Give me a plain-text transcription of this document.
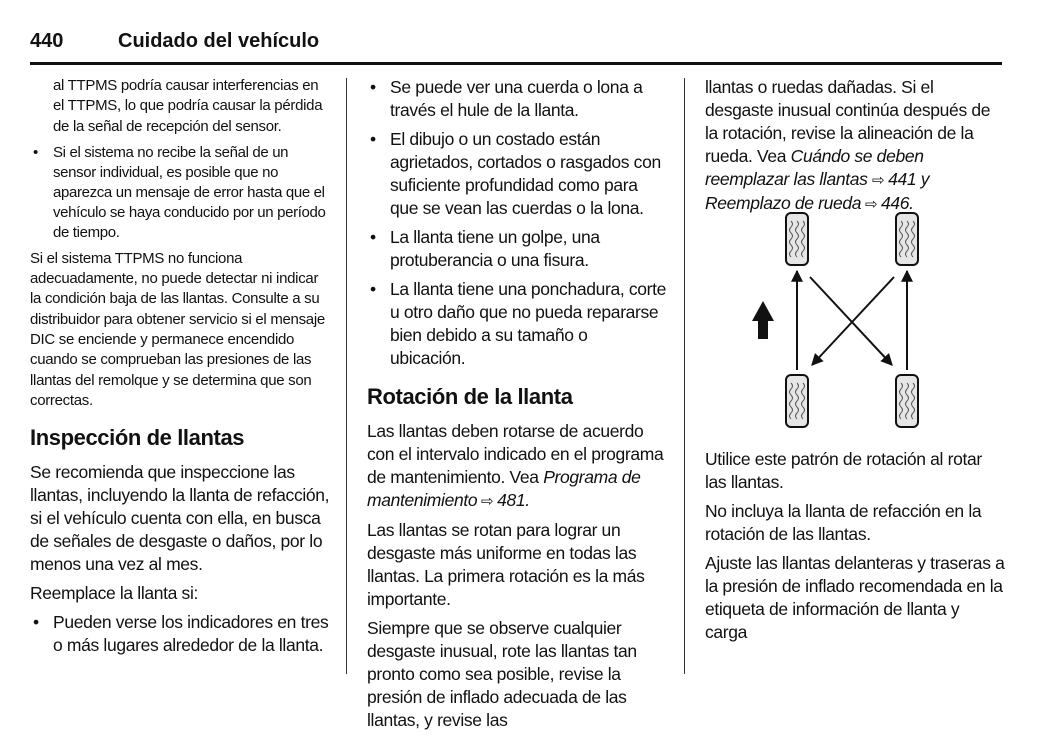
440	Cuidado del vehículo

al TTPMS podría causar interferencias en el TTPMS, lo que podría causar la pérdida de la señal de recepción del sensor.

• Si el sistema no recibe la señal de un sensor individual, es posible que no aparezca un mensaje de error hasta que el vehículo se haya conducido por un período de tiempo.

Si el sistema TTPMS no funciona adecuadamente, no puede detectar ni indicar la condición baja de las llantas. Consulte a su distribuidor para obtener servicio si el mensaje DIC se enciende y permanece encendido cuando se comprueban las presiones de las llantas del remolque y se determina que son correctas.

Inspección de llantas

Se recomienda que inspeccione las llantas, incluyendo la llanta de refacción, si el vehículo cuenta con ella, en busca de señales de desgaste o daños, por lo menos una vez al mes.

Reemplace la llanta si:

• Pueden verse los indicadores en tres o más lugares alrededor de la llanta.
• Se puede ver una cuerda o lona a través el hule de la llanta.
• El dibujo o un costado están agrietados, cortados o rasgados con suficiente profundidad como para que se vean las cuerdas o la lona.
• La llanta tiene un golpe, una protuberancia o una fisura.
• La llanta tiene una ponchadura, corte u otro daño que no pueda repararse bien debido a su tamaño o ubicación.
Rotación de la llanta

Las llantas deben rotarse de acuerdo con el intervalo indicado en el programa de mantenimiento. Vea Programa de mantenimiento ⇨ 481.

Las llantas se rotan para lograr un desgaste más uniforme en todas las llantas. La primera rotación es la más importante.

Siempre que se observe cualquier desgaste inusual, rote las llantas tan pronto como sea posible, revise la presión de inflado adecuada de las llantas, y revise las

llantas o ruedas dañadas. Si el desgaste inusual continúa después de la rotación, revise la alineación de la rueda. Vea Cuándo se deben reemplazar las llantas ⇨ 441 y Reemplazo de rueda ⇨ 446.

Utilice este patrón de rotación al rotar las llantas.

No incluya la llanta de refacción en la rotación de las llantas.

Ajuste las llantas delanteras y traseras a la presión de inflado recomendada en la etiqueta de información de llanta y carga
